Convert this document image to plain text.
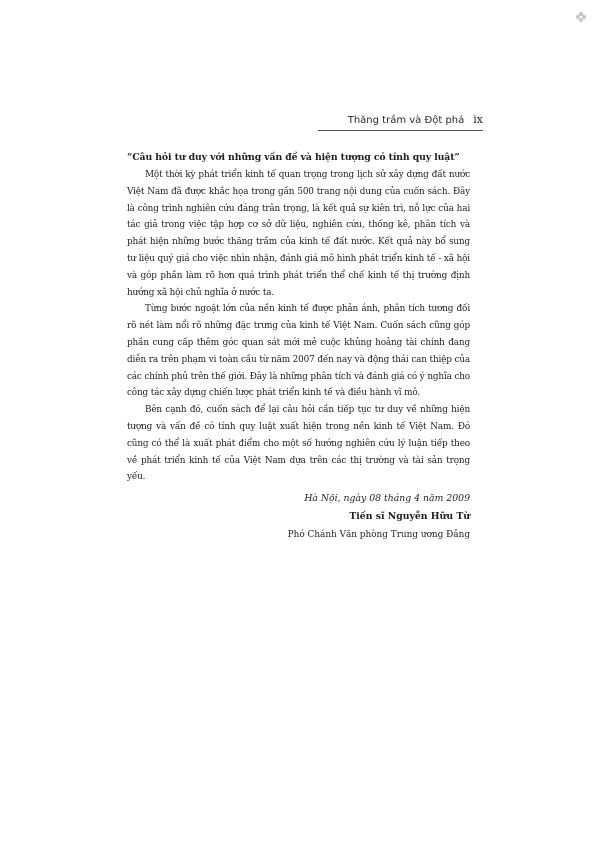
Thăng trầm và Đột phá ix

“Câu hỏi tư duy với những vấn đề và hiện tượng có tính quy luật”

Một thời kỳ phát triển kinh tế quan trọng trong lịch sử xây dựng đất nước Việt Nam đã được khắc họa trong gần 500 trang nội dung của cuốn sách. Đây là công trình nghiên cứu đáng trân trọng, là kết quả sự kiên trì, nỗ lực của hai tác giả trong việc tập hợp cơ sở dữ liệu, nghiên cứu, thống kê, phân tích và phát hiện những bước thăng trầm của kinh tế đất nước. Kết quả này bổ sung tư liệu quý giá cho việc nhìn nhận, đánh giá mô hình phát triển kinh tế - xã hội và góp phần làm rõ hơn quá trình phát triển thể chế kinh tế thị trường định hướng xã hội chủ nghĩa ở nước ta.

Từng bước ngoặt lớn của nền kinh tế được phản ánh, phân tích tương đối rõ nét làm nổi rõ những đặc trưng của kinh tế Việt Nam. Cuốn sách cũng góp phần cung cấp thêm góc quan sát mới mẻ cuộc khủng hoảng tài chính đang diễn ra trên phạm vi toàn cầu từ năm 2007 đến nay và động thái can thiệp của các chính phủ trên thế giới. Đây là những phân tích và đánh giá có ý nghĩa cho công tác xây dựng chiến lược phát triển kinh tế và điều hành vĩ mô.

Bên cạnh đó, cuốn sách để lại câu hỏi cần tiếp tục tư duy về những hiện tượng và vấn đề có tính quy luật xuất hiện trong nền kinh tế Việt Nam. Đó cũng có thể là xuất phát điểm cho một số hướng nghiên cứu lý luận tiếp theo về phát triển kinh tế của Việt Nam dựa trên các thị trường và tài sản trọng yếu.

Hà Nội, ngày 08 tháng 4 năm 2009
Tiến sĩ Nguyễn Hữu Từ
Phó Chánh Văn phòng Trung ương Đảng
